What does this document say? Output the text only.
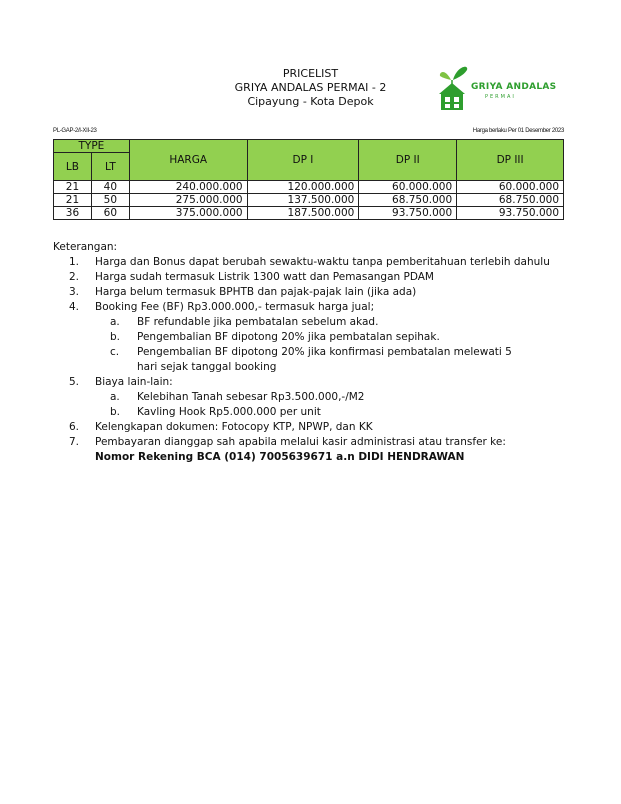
PRICELIST
GRIYA ANDALAS PERMAI - 2
Cipayung - Kota Depok
GRIYA ANDALAS
PERMAI
PL-GAP-2/I-XII-23	Harga berlaku Per 01 Desember 2023
TYPE		HARGA	DP I	DP II	DP III
LB	LT				
21	40	240.000.000	120.000.000	60.000.000	60.000.000
21	50	275.000.000	137.500.000	68.750.000	68.750.000
36	60	375.000.000	187.500.000	93.750.000	93.750.000
Keterangan:
1.	Harga dan Bonus dapat berubah sewaktu-waktu tanpa pemberitahuan terlebih dahulu
2.	Harga sudah termasuk Listrik 1300 watt dan Pemasangan PDAM
3.	Harga belum termasuk BPHTB dan pajak-pajak lain (jika ada)
4.	Booking Fee (BF) Rp3.000.000,- termasuk harga jual;
a.	BF refundable jika pembatalan sebelum akad.
b.	Pengembalian BF dipotong 20% jika pembatalan sepihak.
c.	Pengembalian BF dipotong 20% jika konfirmasi pembatalan melewati 5 hari sejak tanggal booking
5.	Biaya lain-lain:
a.	Kelebihan Tanah sebesar Rp3.500.000,-/M2
b.	Kavling Hook Rp5.000.000 per unit
6.	Kelengkapan dokumen: Fotocopy KTP, NPWP, dan KK
7.	Pembayaran dianggap sah apabila melalui kasir administrasi atau transfer ke:
Nomor Rekening BCA (014) 7005639671 a.n DIDI HENDRAWAN
